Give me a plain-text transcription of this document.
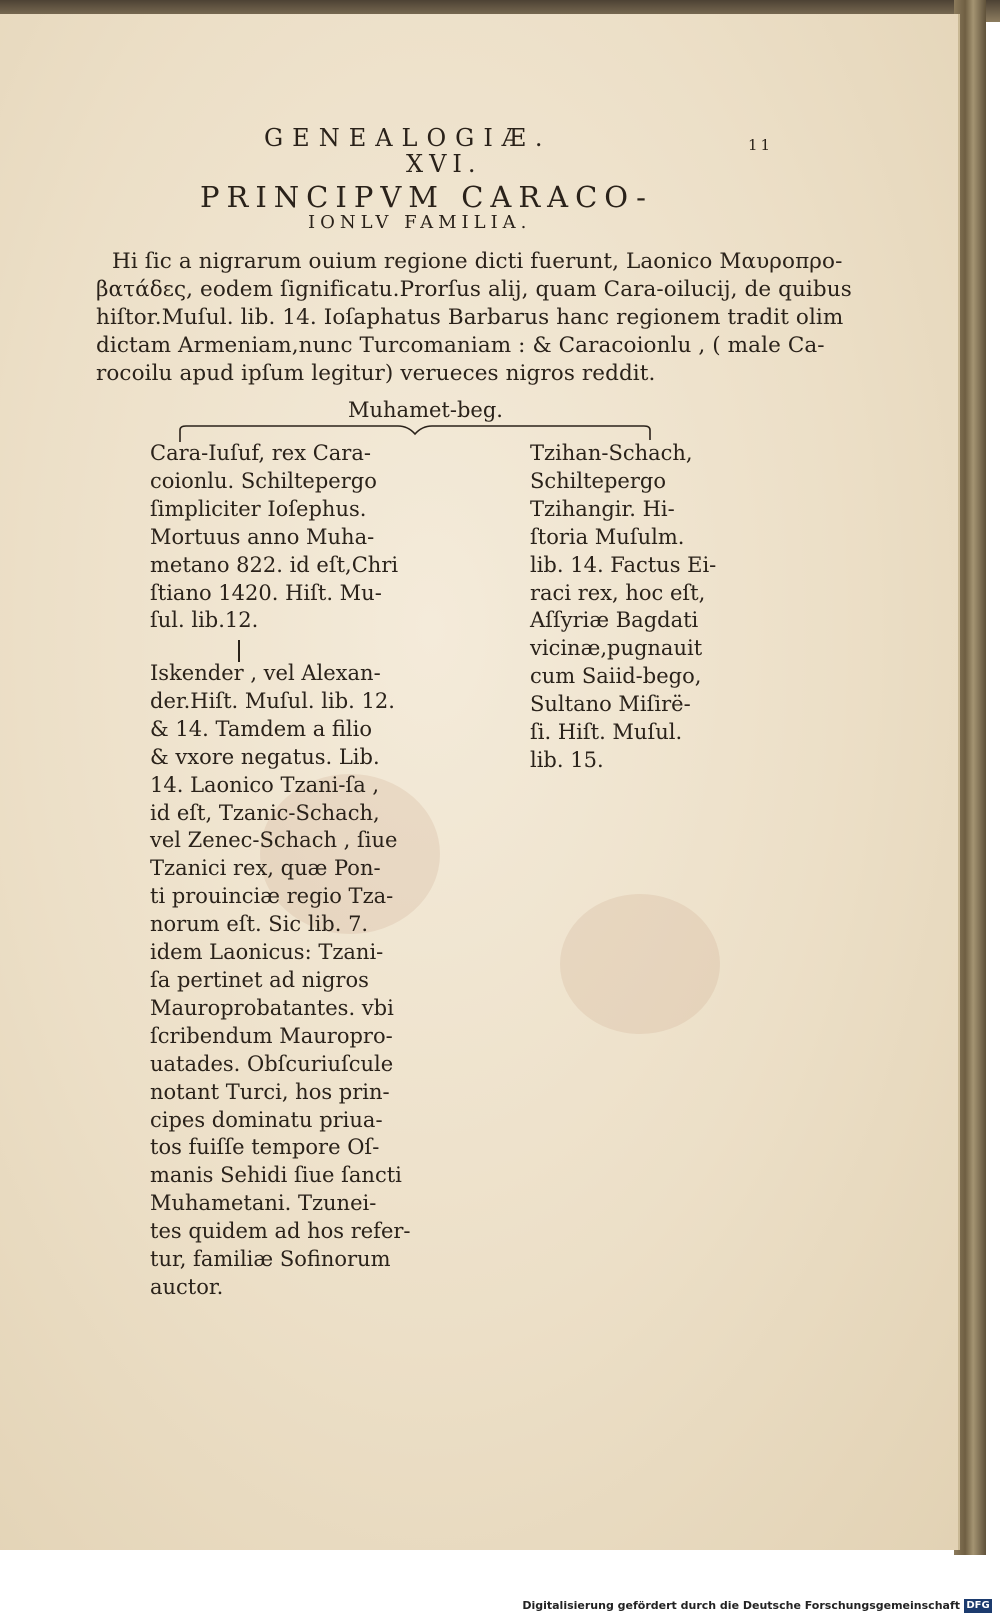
GENEALOGIÆ.	11
XVI.
PRINCIPVM CARACO-
IONLV FAMILIA.
Hi ſic a nigrarum ouium regione dicti fuerunt, Laonico Μαυροπρο-
βατάδες, eodem ſignificatu.Prorſus alij, quam Cara-oilucij, de quibus
hiſtor.Muſul. lib. 14. Ioſaphatus Barbarus hanc regionem tradit olim
dictam Armeniam,nunc Turcomaniam : & Caracoionlu , ( male Ca-
rocoilu apud ipſum legitur) verueces nigros reddit.
Muhamet-beg.
Cara-Iuſuf, rex Cara-
coionlu. Schiltepergo
ſimpliciter Ioſephus.
Mortuus anno Muha-
metano 822. id eſt,Chri
ſtiano 1420. Hiſt. Mu-
ſul. lib.12.
Iskender , vel Alexan-
der.Hiſt. Muſul. lib. 12.
& 14. Tamdem a filio
& vxore negatus. Lib.
14. Laonico Tzani-ſa ,
id eſt, Tzanic-Schach,
vel Zenec-Schach , ſiue
Tzanici rex, quæ Pon-
ti prouinciæ regio Tza-
norum eſt. Sic lib. 7.
idem Laonicus: Tzani-
ſa pertinet ad nigros
Mauroprobatantes. vbi
ſcribendum Mauropro-
uatades. Obſcuriuſcule
notant Turci, hos prin-
cipes dominatu priua-
tos fuiſſe tempore Oſ-
manis Sehidi ſiue ſancti
Muhametani. Tzunei-
tes quidem ad hos refer-
tur, familiæ Sofinorum
auctor.
Tzihan-Schach,
Schiltepergo
Tzihangir. Hi-
ſtoria Muſulm.
lib. 14. Factus Ei-
raci rex, hoc eſt,
Aſſyriæ Bagdati
vicinæ,pugnauit
cum Saiid-bego,
Sultano Miſirë-
ſi. Hiſt. Muſul.
lib. 15.
Digitalisierung gefördert durch die Deutsche Forschungsgemeinschaft DFG
